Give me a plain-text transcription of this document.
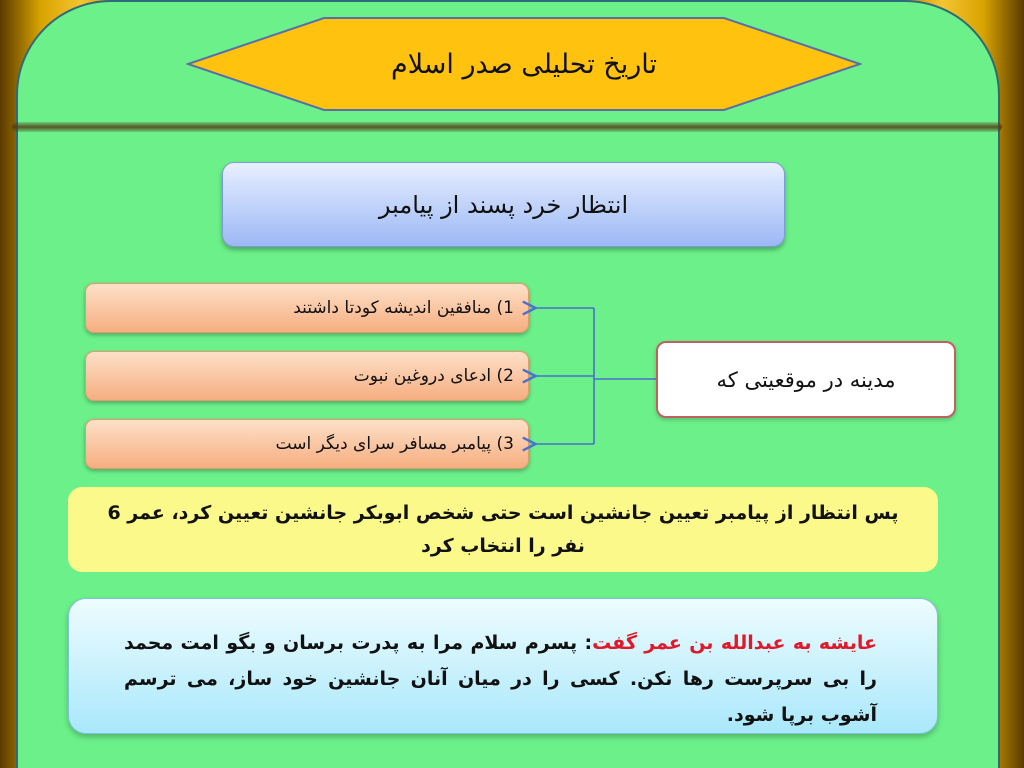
تاریخ تحلیلی صدر اسلام
انتظار خرد پسند از پیامبر
1) منافقین اندیشه کودتا داشتند
2) ادعای دروغین نبوت
3) پیامبر مسافر سرای دیگر است
مدینه در موقعیتی که
پس انتظار از پیامبر تعیین جانشین است حتی شخص ابوبکر جانشین تعیین کرد، عمر 6 نفر را انتخاب کرد
عایشه به عبدالله بن عمر گفت: پسرم سلام مرا به پدرت برسان و بگو امت محمد را بی سرپرست رها نکن. کسی را در میان آنان جانشین خود ساز، می ترسم آشوب برپا شود.
